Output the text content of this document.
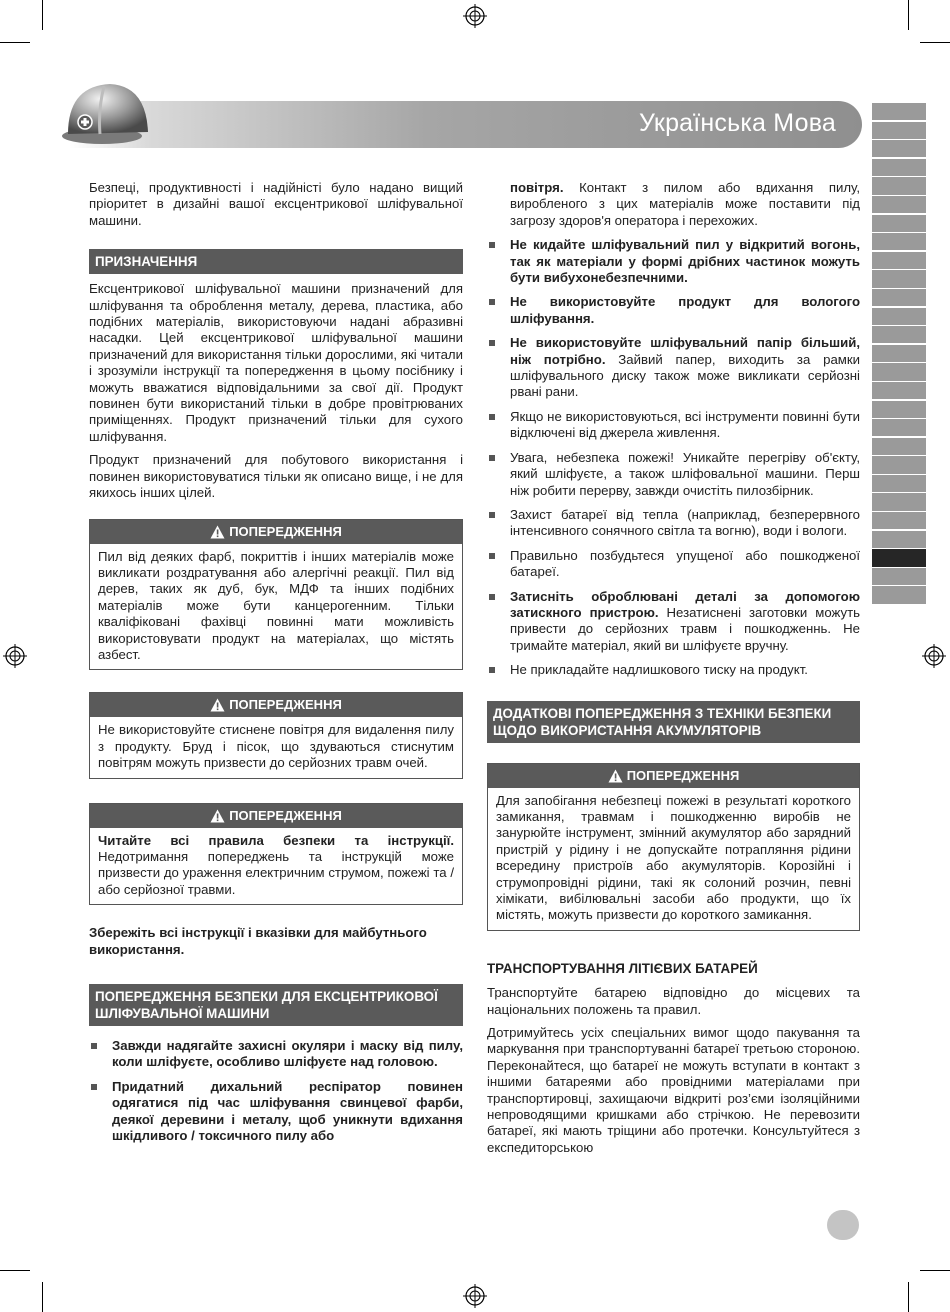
Українська Мова

Безпеці, продуктивності і надійністі було надано вищий пріоритет в дизайні вашої ексцентрикової шліфувальної машини.

ПРИЗНАЧЕННЯ

Ексцентрикової шліфувальної машини призначений для шліфування та оброблення металу, дерева, пластика, або подібних матеріалів, використовуючи надані абразивні насадки. Цей ексцентрикової шліфувальної машини призначений для використання тільки дорослими, які читали і зрозуміли інструкції та попередження в цьому посібнику і можуть вважатися відповідальними за свої дії. Продукт повинен бути використаний тільки в добре провітрюваних приміщеннях. Продукт призначений тільки для сухого шліфування.

Продукт призначений для побутового використання і повинен використовуватися тільки як описано вище, і не для якихось інших цілей.

ПОПЕРЕДЖЕННЯ
Пил від деяких фарб, покриттів і інших матеріалів може викликати роздратування або алергічні реакції. Пил від дерев, таких як дуб, бук, МДФ та інших подібних матеріалів може бути канцерогенним. Тільки кваліфіковані фахівці повинні мати можливість використовувати продукт на матеріалах, що містять азбест.
ПОПЕРЕДЖЕННЯ
Не використовуйте стиснене повітря для видалення пилу з продукту. Бруд і пісок, що здуваються стиснутим повітрям можуть призвести до серйозних травм очей.
ПОПЕРЕДЖЕННЯ
Читайте всі правила безпеки та інструкції. Недотримання попереджень та інструкцій може призвести до ураження електричним струмом, пожежі та / або серйозної травми.

Збережіть всі інструкції і вказівки для майбутнього використання.

ПОПЕРЕДЖЕННЯ БЕЗПЕКИ ДЛЯ ЕКСЦЕНТРИКОВОЇ ШЛІФУВАЛЬНОЇ МАШИНИ
Завжди надягайте захисні окуляри і маску від пилу, коли шліфуєте, особливо шліфуєте над головою.
Придатний дихальний респіратор повинен одягатися під час шліфування свинцевої фарби, деякої деревини і металу, щоб уникнути вдихання шкідливого / токсичного пилу або
повітря. Контакт з пилом або вдихання пилу, виробленого з цих матеріалів може поставити під загрозу здоров'я оператора і перехожих.
Не кидайте шліфувальний пил у відкритий вогонь, так як матеріали у формі дрібних частинок можуть бути вибухонебезпечними.
Не використовуйте продукт для вологого шліфування.
Не використовуйте шліфувальний папір більший, ніж потрібно. Зайвий папер, виходить за рамки шліфувального диску також може викликати серйозні рвані рани.
Якщо не використовуються, всі інструменти повинні бути відключені від джерела живлення.
Увага, небезпека пожежі! Уникайте перегріву об'єкту, який шліфуєте, а також шліфовальної машини. Перш ніж робити перерву, завжди очистіть пилозбірник.
Захист батареї від тепла (наприклад, безперервного інтенсивного сонячного світла та вогню), води і вологи.
Правильно позбудьтеся упущеної або пошкодженої батареї.
Затисніть оброблювані деталі за допомогою затискного пристрою. Незатиснені заготовки можуть привести до серйозних травм і пошкодженнь. Не тримайте матеріал, який ви шліфуєте вручну.
Не прикладайте надлишкового тиску на продукт.
ДОДАТКОВІ ПОПЕРЕДЖЕННЯ З ТЕХНІКИ БЕЗПЕКИ ЩОДО ВИКОРИСТАННЯ АКУМУЛЯТОРІВ
ПОПЕРЕДЖЕННЯ
Для запобігання небезпеці пожежі в результаті короткого замикання, травмам і пошкодженню виробів не занурюйте інструмент, змінний акумулятор або зарядний пристрій у рідину і не допускайте потрапляння рідини всередину пристроїв або акумуляторів. Корозійні і струмопровідні рідини, такі як солоний розчин, певні хімікати, вибілювальні засоби або продукти, що їх містять, можуть призвести до короткого замикання.
ТРАНСПОРТУВАННЯ ЛІТІЄВИХ БАТАРЕЙ

Транспортуйте батарею відповідно до місцевих та національних положень та правил.

Дотримуйтесь усіх спеціальних вимог щодо пакування та маркування при транспортуванні батареї третьою стороною. Переконайтеся, що батареї не можуть вступати в контакт з іншими батареями або провідними матеріалами при транспортировці, захищаючи відкриті роз’єми ізоляційними непроводящими кришками або стрічкою. Не перевозити батареї, які мають тріщини або протечки. Консультуйтеся з експедиторською
